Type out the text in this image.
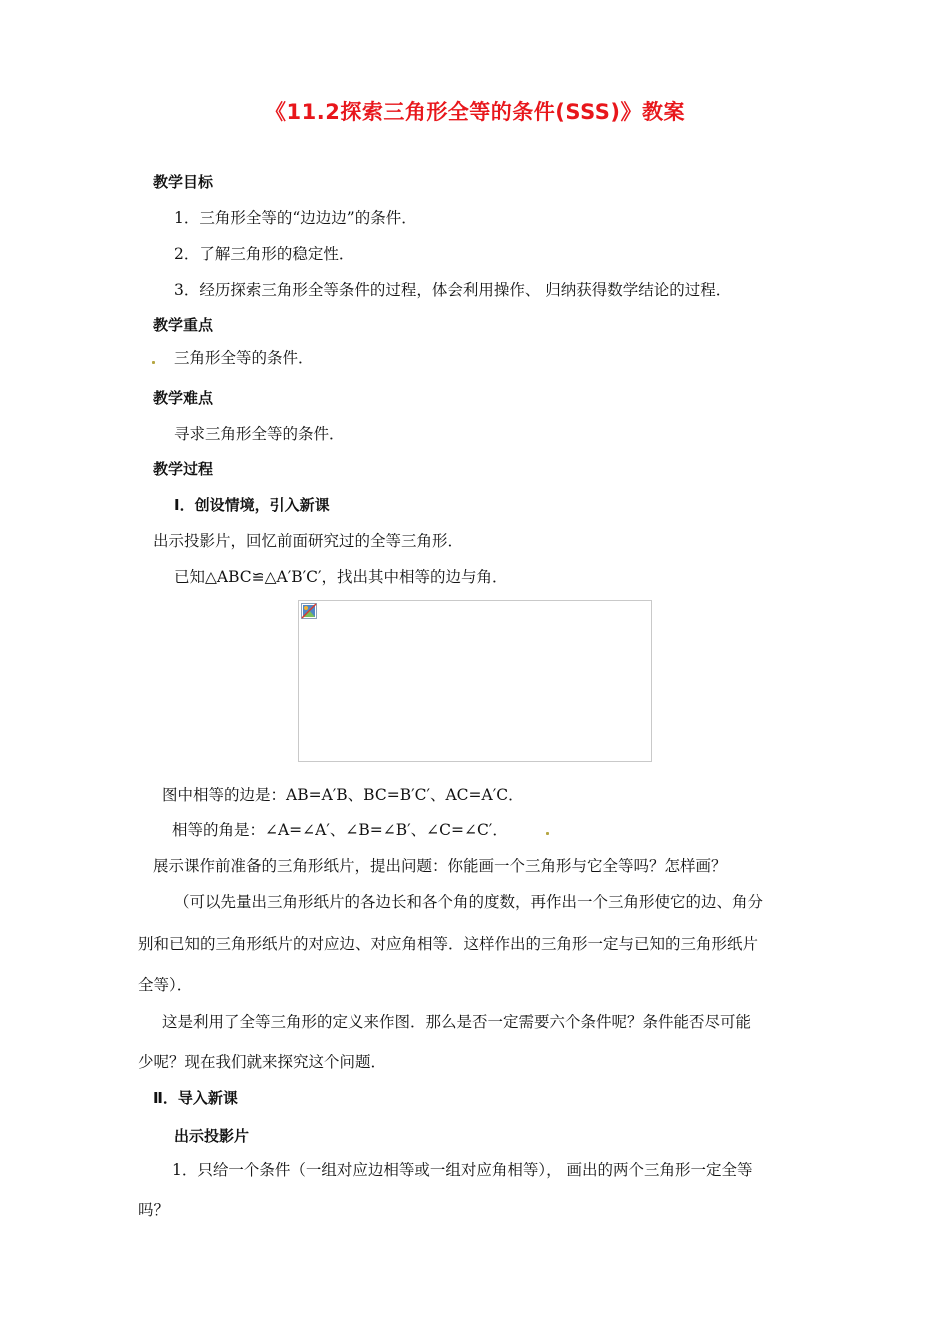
《11.2探索三角形全等的条件(SSS)》教案
教学目标
1．三角形全等的“边边边”的条件．
2．了解三角形的稳定性．
3．经历探索三角形全等条件的过程，体会利用操作、 归纳获得数学结论的过程．
教学重点
三角形全等的条件．
教学难点
寻求三角形全等的条件．
教学过程
Ⅰ．创设情境，引入新课
出示投影片，回忆前面研究过的全等三角形．
已知△ABC≌△A′B′C′，找出其中相等的边与角．
图中相等的边是：AB=A′B、BC=B′C′、AC=A′C．
相等的角是：∠A=∠A′、∠B=∠B′、∠C=∠C′．
展示课作前准备的三角形纸片，提出问题：你能画一个三角形与它全等吗？怎样画？
（可以先量出三角形纸片的各边长和各个角的度数，再作出一个三角形使它的边、角分
别和已知的三角形纸片的对应边、对应角相等．这样作出的三角形一定与已知的三角形纸片
全等）．
这是利用了全等三角形的定义来作图．那么是否一定需要六个条件呢？条件能否尽可能
少呢？现在我们就来探究这个问题．
Ⅱ．导入新课
出示投影片
1．只给一个条件（一组对应边相等或一组对应角相等）， 画出的两个三角形一定全等
吗？
